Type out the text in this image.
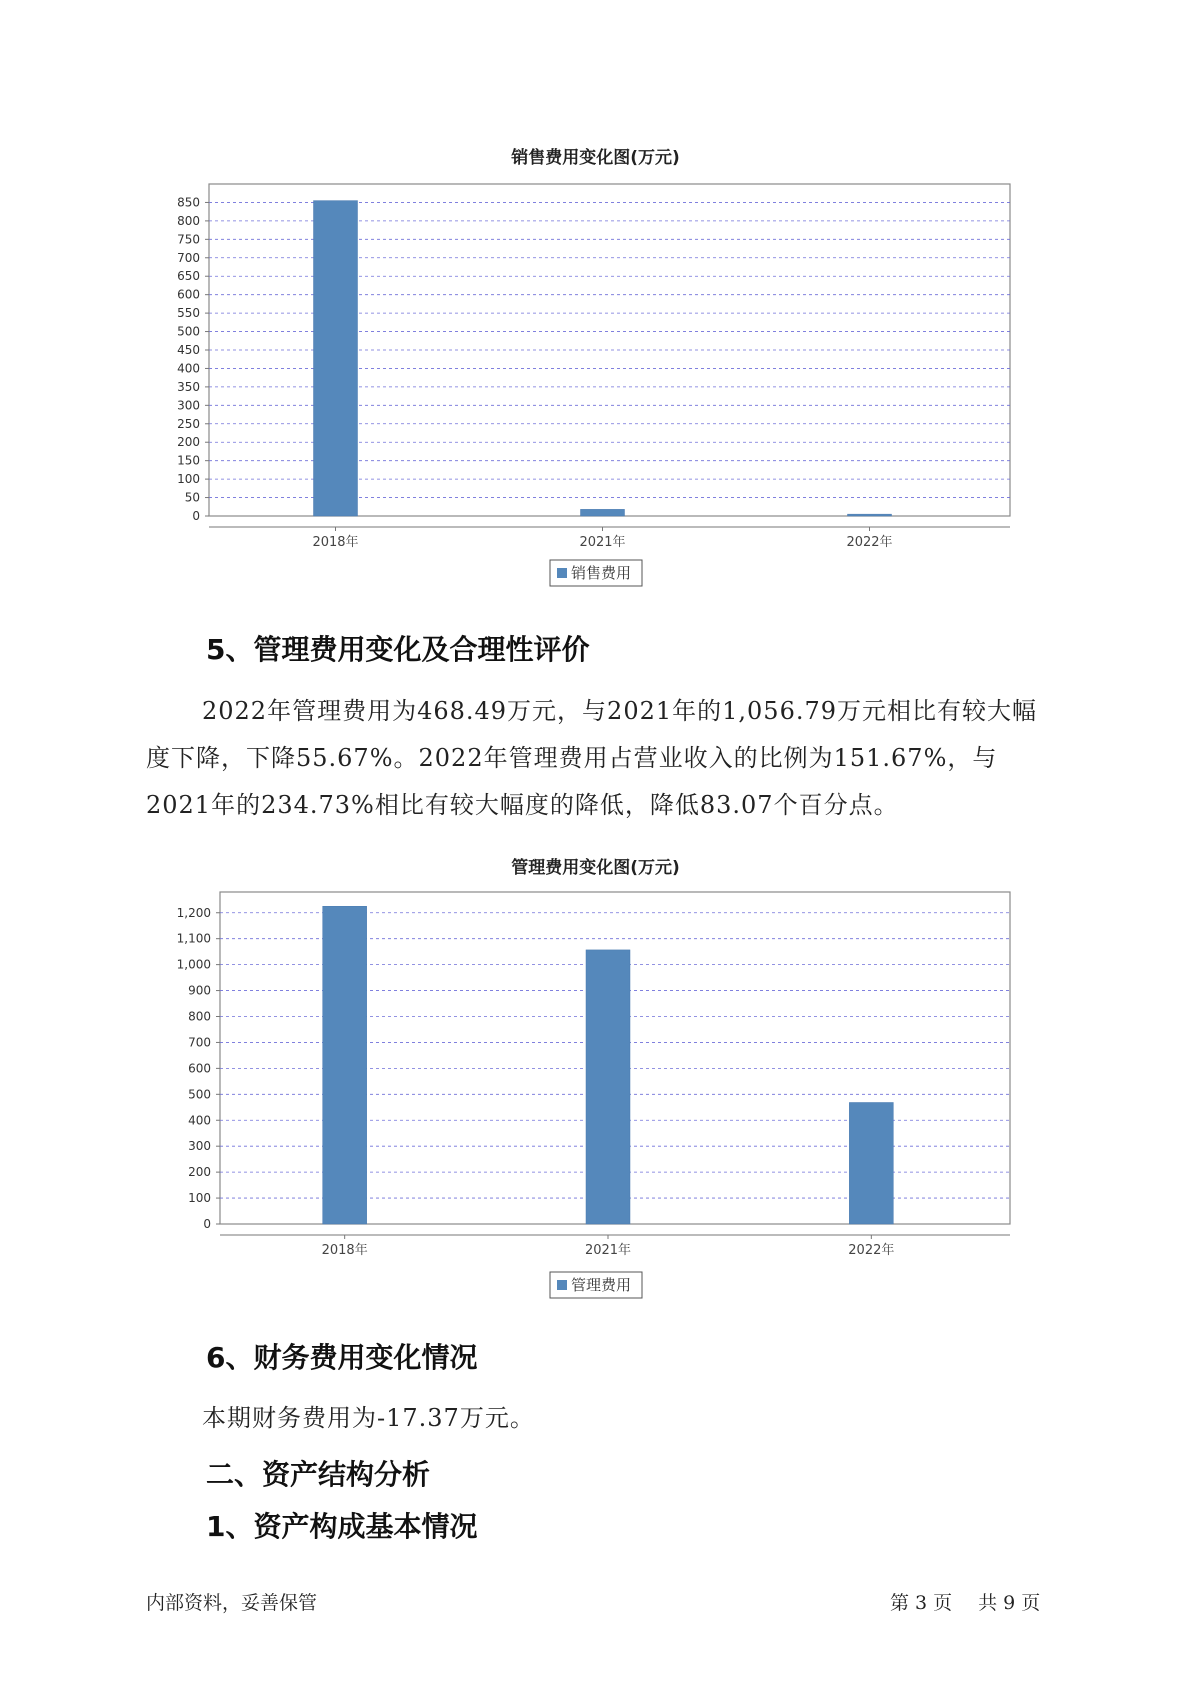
销售费用变化图(万元)
0
50
100
150
200
250
300
350
400
450
500
550
600
650
700
750
800
850
2018年	2021年	2022年
销售费用
5、管理费用变化及合理性评价
2022年管理费用为468.49万元，与2021年的1,056.79万元相比有较大幅度下降，下降55.67%。2022年管理费用占营业收入的比例为151.67%，与2021年的234.73%相比有较大幅度的降低，降低83.07个百分点。
管理费用变化图(万元)
0
100
200
300
400
500
600
700
800
900
1,000
1,100
1,200
2018年	2021年	2022年
管理费用
6、财务费用变化情况
本期财务费用为-17.37万元。
二、资产结构分析
1、资产构成基本情况
内部资料，妥善保管	第 3 页 共 9 页
